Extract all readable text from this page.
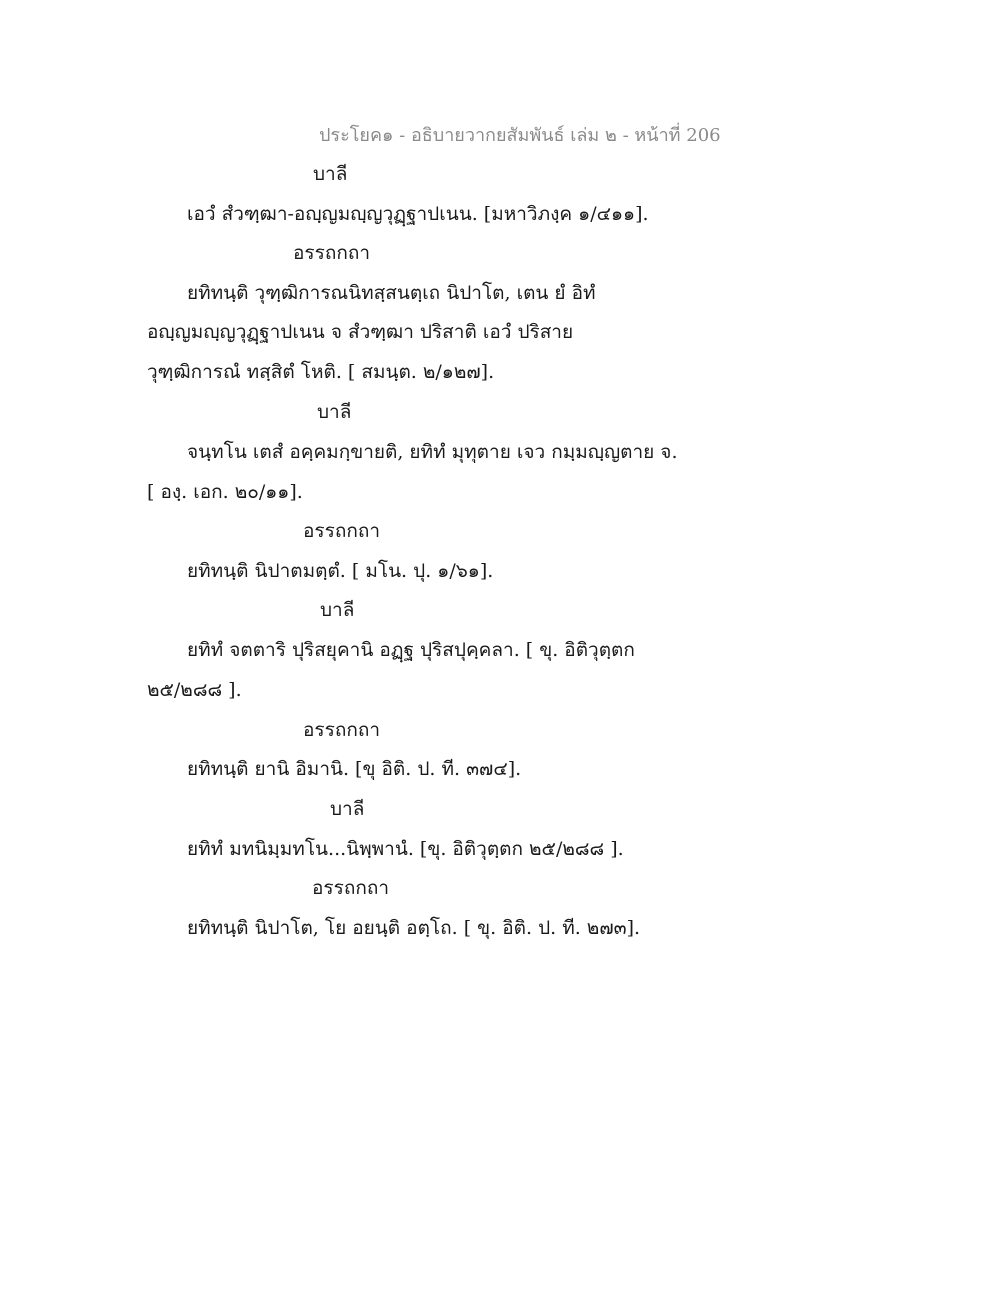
ประโยค๑ - อธิบายวากยสัมพันธ์ เล่ม ๒ - หน้าที่ 206
บาลี
เอวํ สํวฑฺฒา-อญฺญมญฺญวุฏฺฐาปเนน. [มหาวิภงฺค ๑/๔๑๑].
อรรถกถา
ยทิทนฺติ วุฑฺฒิการณนิทสฺสนตฺเถ นิปาโต, เตน ยํ อิทํ
อญฺญมญฺญวุฏฺฐาปเนน จ สํวฑฺฒา ปริสาติ เอวํ ปริสาย
วุฑฺฒิการณํ ทสฺสิตํ โหติ. [ สมนฺต. ๒/๑๒๗].
บาลี
จนฺทโน เตสํ อคฺคมกฺขายติ, ยทิทํ มุทุตาย เจว กมฺมญฺญตาย จ.
[ องฺ. เอก. ๒๐/๑๑].
อรรถกถา
ยทิทนฺติ นิปาตมตฺตํ. [ มโน. ปุ. ๑/๖๑].
บาลี
ยทิทํ จตตาริ ปุริสยุคานิ อฏฺฐ ปุริสปุคฺคลา. [ ขุ. อิติวุตฺตก
๒๕/๒๘๘ ].
อรรถกถา
ยทิทนฺติ ยานิ อิมานิ. [ขุ อิติ. ป. ที. ๓๗๔].
บาลี
ยทิทํ มทนิมฺมทโน...นิพฺพานํ. [ขุ. อิติวุตฺตก ๒๕/๒๘๘ ].
อรรถกถา
ยทิทนฺติ นิปาโต, โย อยนฺติ อตฺโถ. [ ขุ. อิติ. ป. ที. ๒๗๓].
